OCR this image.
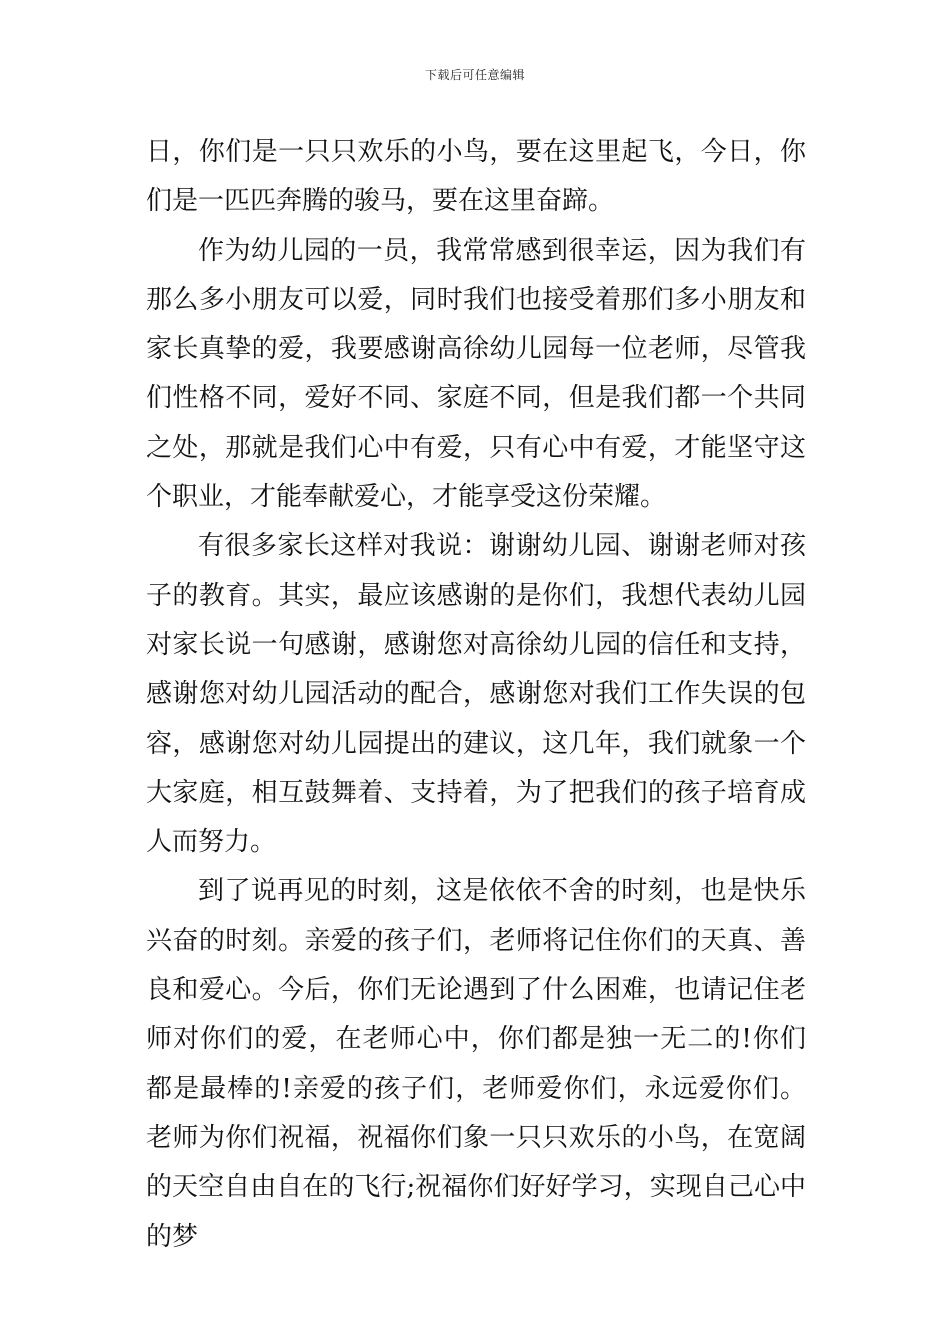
下载后可任意编辑

日，你们是一只只欢乐的小鸟，要在这里起飞，今日，你们是一匹匹奔腾的骏马，要在这里奋蹄。

作为幼儿园的一员，我常常感到很幸运，因为我们有那么多小朋友可以爱，同时我们也接受着那们多小朋友和家长真挚的爱，我要感谢高徐幼儿园每一位老师，尽管我们性格不同，爱好不同、家庭不同，但是我们都一个共同之处，那就是我们心中有爱，只有心中有爱，才能坚守这个职业，才能奉献爱心，才能享受这份荣耀。

有很多家长这样对我说：谢谢幼儿园、谢谢老师对孩子的教育。其实，最应该感谢的是你们，我想代表幼儿园对家长说一句感谢，感谢您对高徐幼儿园的信任和支持，感谢您对幼儿园活动的配合，感谢您对我们工作失误的包容，感谢您对幼儿园提出的建议，这几年，我们就象一个大家庭，相互鼓舞着、支持着，为了把我们的孩子培育成人而努力。

到了说再见的时刻，这是依依不舍的时刻，也是快乐兴奋的时刻。亲爱的孩子们，老师将记住你们的天真、善良和爱心。今后，你们无论遇到了什么困难，也请记住老师对你们的爱，在老师心中，你们都是独一无二的!你们都是最棒的!亲爱的孩子们，老师爱你们，永远爱你们。老师为你们祝福，祝福你们象一只只欢乐的小鸟，在宽阔的天空自由自在的飞行;祝福你们好好学习，实现自己心中的梦
